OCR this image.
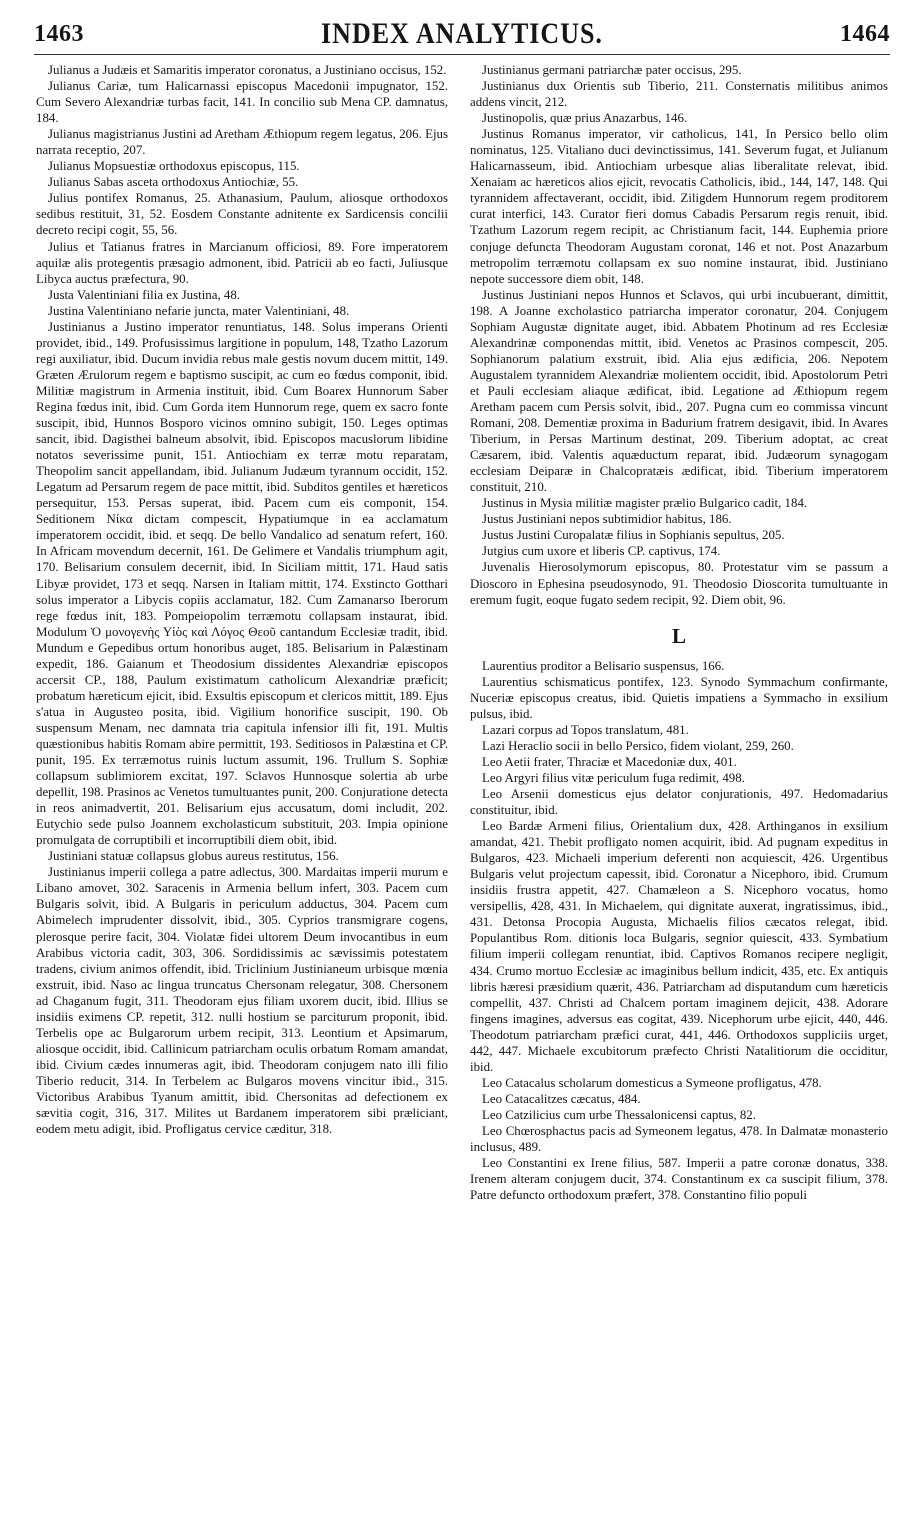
1463	INDEX ANALYTICUS.	1464

Julianus a Judæis et Samaritis imperator coronatus, a Justiniano occisus, 152.

Julianus Cariæ, tum Halicarnassi episcopus Macedonii impugnator, 152. Cum Severo Alexandriæ turbas facit, 141. In concilio sub Mena CP. damnatus, 184.

Julianus magistrianus Justini ad Aretham Æthiopum regem legatus, 206. Ejus narrata receptio, 207.

Julianus Mopsuestiæ orthodoxus episcopus, 115.

Julianus Sabas asceta orthodoxus Antiochiæ, 55.

Julius pontifex Romanus, 25. Athanasium, Paulum, aliosque orthodoxos sedibus restituit, 31, 52. Eosdem Constante adnitente ex Sardicensis concilii decreto recipi cogit, 55, 56.

Julius et Tatianus fratres in Marcianum officiosi, 89. Fore imperatorem aquilæ alis protegentis præsagio admonent, ibid. Patricii ab eo facti, Juliusque Libyca auctus præfectura, 90.

Justa Valentiniani filia ex Justina, 48.

Justina Valentiniano nefarie juncta, mater Valentiniani, 48.

Justinianus a Justino imperator renuntiatus, 148. Solus imperans Orienti providet, ibid., 149. Profusissimus largitione in populum, 148, Tzatho Lazorum regi auxiliatur, ibid. Ducum invidia rebus male gestis novum ducem mittit, 149. Græten Ærulorum regem e baptismo suscipit, ac cum eo fœdus componit, ibid. Militiæ magistrum in Armenia instituit, ibid. Cum Boarex Hunnorum Saber Regina fœdus init, ibid. Cum Gorda item Hunnorum rege, quem ex sacro fonte suscipit, ibid, Hunnos Bosporo vicinos omnino subigit, 150. Leges optimas sancit, ibid. Dagisthei balneum absolvit, ibid. Episcopos macuslorum libidine notatos severissime punit, 151. Antiochiam ex terræ motu reparatam, Theopolim sancit appellandam, ibid. Julianum Judæum tyrannum occidit, 152. Legatum ad Persarum regem de pace mittit, ibid. Subditos gentiles et hæreticos persequitur, 153. Persas superat, ibid. Pacem cum eis componit, 154. Seditionem Νίκα dictam compescit, Hypatiumque in ea acclamatum imperatorem occidit, ibid. et seqq. De bello Vandalico ad senatum refert, 160. In Africam movendum decernit, 161. De Gelimere et Vandalis triumphum agit, 170. Belisarium consulem decernit, ibid. In Siciliam mittit, 171. Haud satis Libyæ providet, 173 et seqq. Narsen in Italiam mittit, 174. Exstincto Gotthari solus imperator a Libycis copiis acclamatur, 182. Cum Zamanarso Iberorum rege fœdus init, 183. Pompeiopolim terræmotu collapsam instaurat, ibid. Modulum Ὁ μονογενὴς Υἱὸς καὶ Λόγος Θεοῦ cantandum Ecclesiæ tradit, ibid. Mundum e Gepedibus ortum honoribus auget, 185. Belisarium in Palæstinam expedit, 186. Gaianum et Theodosium dissidentes Alexandriæ episcopos accersit CP., 188, Paulum existimatum catholicum Alexandriæ præficit; probatum hæreticum ejicit, ibid. Exsultis episcopum et clericos mittit, 189. Ejus s'atua in Augusteo posita, ibid. Vigilium honorifice suscipit, 190. Ob suspensum Menam, nec damnata tria capitula infensior illi fit, 191. Multis quæstionibus habitis Romam abire permittit, 193. Seditiosos in Palæstina et CP. punit, 195. Ex terræmotus ruinis luctum assumit, 196. Trullum S. Sophiæ collapsum sublimiorem excitat, 197. Sclavos Hunnosque solertia ab urbe depellit, 198. Prasinos ac Venetos tumultuantes punit, 200. Conjuratione detecta in reos animadvertit, 201. Belisarium ejus accusatum, domi includit, 202. Eutychio sede pulso Joannem excholasticum substituit, 203. Impia opinione promulgata de corruptibili et incorruptibili diem obit, ibid.

Justiniani statuæ collapsus globus aureus restitutus, 156.

Justinianus imperii collega a patre adlectus, 300. Mardaitas imperii murum e Libano amovet, 302. Saracenis in Armenia bellum infert, 303. Pacem cum Bulgaris solvit, ibid. A Bulgaris in periculum adductus, 304. Pacem cum Abimelech imprudenter dissolvit, ibid., 305. Cyprios transmigrare cogens, plerosque perire facit, 304. Violatæ fidei ultorem Deum invocantibus in eum Arabibus victoria cadit, 303, 306. Sordidissimis ac sævissimis potestatem tradens, civium animos offendit, ibid. Triclinium Justinianeum urbisque mœnia exstruit, ibid. Naso ac lingua truncatus Chersonam relegatur, 308. Chersonem ad Chaganum fugit, 311. Theodoram ejus filiam uxorem ducit, ibid. Illius se insidiis eximens CP. repetit, 312. nulli hostium se parciturum proponit, ibid. Terbelis ope ac Bulgarorum urbem recipit, 313. Leontium et Apsimarum, aliosque occidit, ibid. Callinicum patriarcham oculis orbatum Romam amandat, ibid. Civium cædes innumeras agit, ibid. Theodoram conjugem nato illi filio Tiberio reducit, 314. In Terbelem ac Bulgaros movens vincitur ibid., 315. Victoribus Arabibus Tyanum amittit, ibid. Chersonitas ad defectionem ex sævitia cogit, 316, 317. Milites ut Bardanem imperatorem sibi præliciant, eodem metu adigit, ibid. Profligatus cervice cæditur, 318.

Justinianus germani patriarchæ pater occisus, 295.

Justinianus dux Orientis sub Tiberio, 211. Consternatis militibus animos addens vincit, 212.

Justinopolis, quæ prius Anazarbus, 146.

Justinus Romanus imperator, vir catholicus, 141, In Persico bello olim nominatus, 125. Vitaliano duci devinctissimus, 141. Severum fugat, et Julianum Halicarnasseum, ibid. Antiochiam urbesque alias liberalitate relevat, ibid. Xenaiam ac hæreticos alios ejicit, revocatis Catholicis, ibid., 144, 147, 148. Qui tyrannidem affectaverant, occidit, ibid. Ziligdem Hunnorum regem proditorem curat interfici, 143. Curator fieri domus Cabadis Persarum regis renuit, ibid. Tzathum Lazorum regem recipit, ac Christianum facit, 144. Euphemia priore conjuge defuncta Theodoram Augustam coronat, 146 et not. Post Anazarbum metropolim terræmotu collapsam ex suo nomine instaurat, ibid. Justiniano nepote successore diem obit, 148.

Justinus Justiniani nepos Hunnos et Sclavos, qui urbi incubuerant, dimittit, 198. A Joanne excholastico patriarcha imperator coronatur, 204. Conjugem Sophiam Augustæ dignitate auget, ibid. Abbatem Photinum ad res Ecclesiæ Alexandrinæ componendas mittit, ibid. Venetos ac Prasinos compescit, 205. Sophianorum palatium exstruit, ibid. Alia ejus ædificia, 206. Nepotem Augustalem tyrannidem Alexandriæ molientem occidit, ibid. Apostolorum Petri et Pauli ecclesiam aliaque ædificat, ibid. Legatione ad Æthiopum regem Aretham pacem cum Persis solvit, ibid., 207. Pugna cum eo commissa vincunt Romani, 208. Dementiæ proxima in Badurium fratrem desigavit, ibid. In Avares Tiberium, in Persas Martinum destinat, 209. Tiberium adoptat, ac creat Cæsarem, ibid. Valentis aquæductum reparat, ibid. Judæorum synagogam ecclesiam Deiparæ in Chalcopratæis ædificat, ibid. Tiberium imperatorem constituit, 210.

Justinus in Mysia militiæ magister prælio Bulgarico cadit, 184.

Justus Justiniani nepos subtimidior habitus, 186.

Justus Justini Curopalatæ filius in Sophianis sepultus, 205.

Jutgius cum uxore et liberis CP. captivus, 174.

Juvenalis Hierosolymorum episcopus, 80. Protestatur vim se passum a Dioscoro in Ephesina pseudosynodo, 91. Theodosio Dioscorita tumultuante in eremum fugit, eoque fugato sedem recipit, 92. Diem obit, 96.

L

Laurentius proditor a Belisario suspensus, 166.

Laurentius schismaticus pontifex, 123. Synodo Symmachum confirmante, Nuceriæ episcopus creatus, ibid. Quietis impatiens a Symmacho in exsilium pulsus, ibid.

Lazari corpus ad Topos translatum, 481.

Lazi Heraclio socii in bello Persico, fidem violant, 259, 260.

Leo Aetii frater, Thraciæ et Macedoniæ dux, 401.

Leo Argyri filius vitæ periculum fuga redimit, 498.

Leo Arsenii domesticus ejus delator conjurationis, 497. Hedomadarius constituitur, ibid.

Leo Bardæ Armeni filius, Orientalium dux, 428. Arthinganos in exsilium amandat, 421. Thebit profligato nomen acquirit, ibid. Ad pugnam expeditus in Bulgaros, 423. Michaeli imperium deferenti non acquiescit, 426. Urgentibus Bulgaris velut projectum capessit, ibid. Coronatur a Nicephoro, ibid. Crumum insidiis frustra appetit, 427. Chamæleon a S. Nicephoro vocatus, homo versipellis, 428, 431. In Michaelem, qui dignitate auxerat, ingratissimus, ibid., 431. Detonsa Procopia Augusta, Michaelis filios cæcatos relegat, ibid. Populantibus Rom. ditionis loca Bulgaris, segnior quiescit, 433. Symbatium filium imperii collegam renuntiat, ibid. Captivos Romanos recipere negligit, 434. Crumo mortuo Ecclesiæ ac imaginibus bellum indicit, 435, etc. Ex antiquis libris hæresi præsidium quærit, 436. Patriarcham ad disputandum cum hæreticis compellit, 437. Christi ad Chalcem portam imaginem dejicit, 438. Adorare fingens imagines, adversus eas cogitat, 439. Nicephorum urbe ejicit, 440, 446. Theodotum patriarcham præfici curat, 441, 446. Orthodoxos suppliciis urget, 442, 447. Michaele excubitorum præfecto Christi Natalitiorum die occiditur, ibid.

Leo Catacalus scholarum domesticus a Symeone profligatus, 478.

Leo Catacalitzes cæcatus, 484.

Leo Catzilicius cum urbe Thessalonicensi captus, 82.

Leo Chœrosphactus pacis ad Symeonem legatus, 478. In Dalmatæ monasterio inclusus, 489.

Leo Constantini ex Irene filius, 587. Imperii a patre coronæ donatus, 338. Irenem alteram conjugem ducit, 374. Constantinum ex ca suscipit filium, 378. Patre defuncto orthodoxum præfert, 378. Constantino filio populi
